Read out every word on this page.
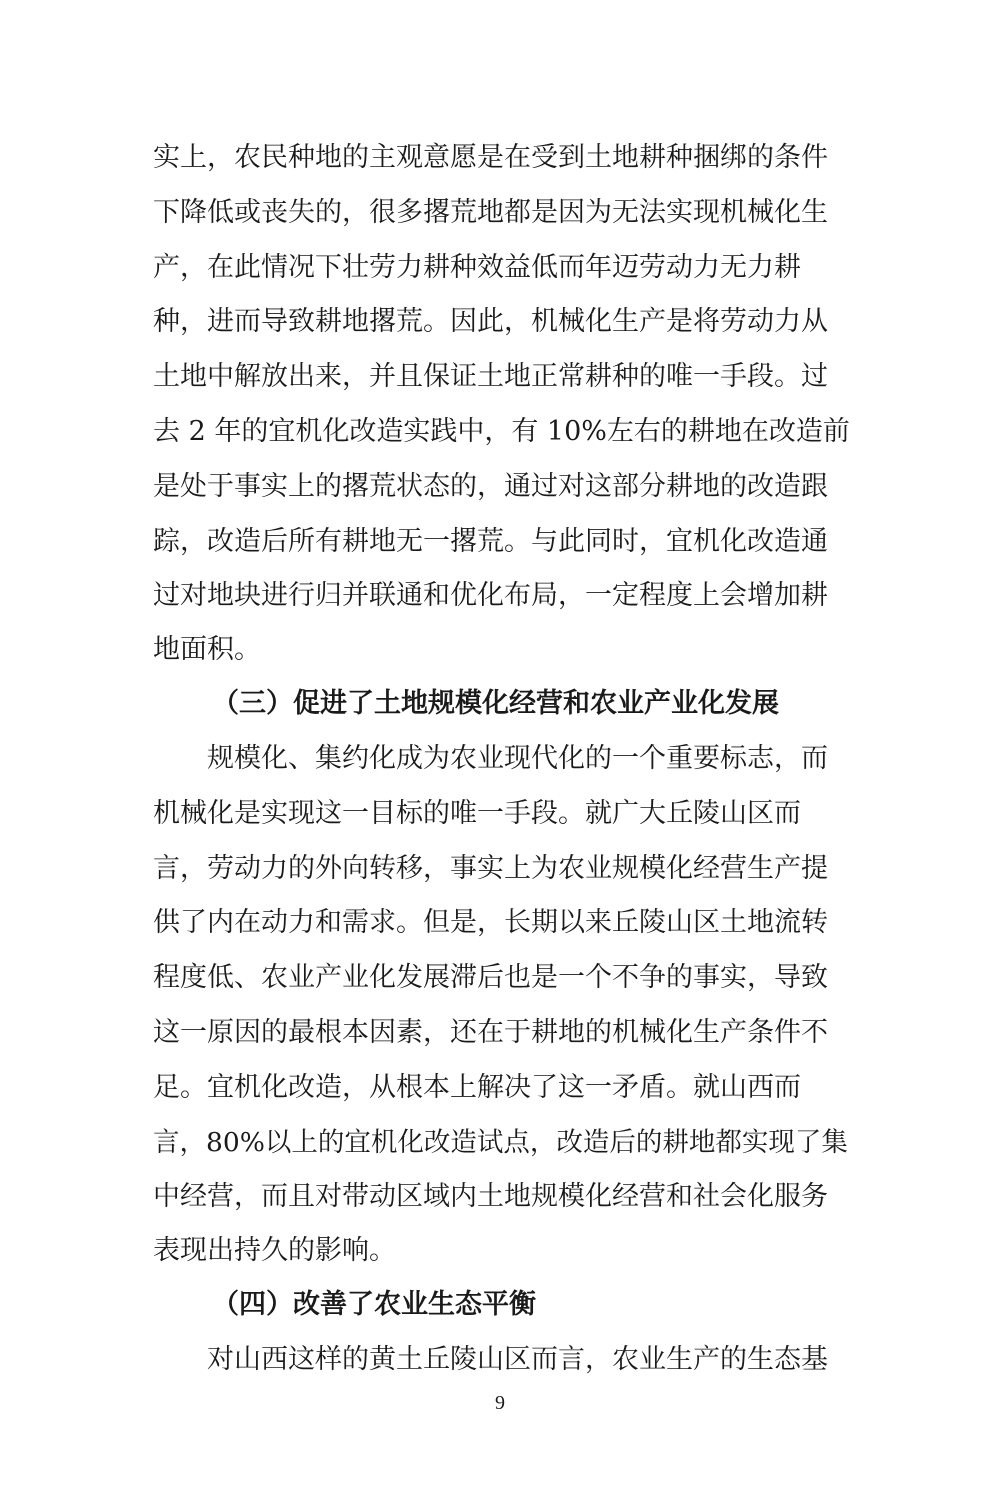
实上，农民种地的主观意愿是在受到土地耕种捆绑的条件
下降低或丧失的，很多撂荒地都是因为无法实现机械化生
产，在此情况下壮劳力耕种效益低而年迈劳动力无力耕
种，进而导致耕地撂荒。因此，机械化生产是将劳动力从
土地中解放出来，并且保证土地正常耕种的唯一手段。过
去 2 年的宜机化改造实践中，有 10%左右的耕地在改造前
是处于事实上的撂荒状态的，通过对这部分耕地的改造跟
踪，改造后所有耕地无一撂荒。与此同时，宜机化改造通
过对地块进行归并联通和优化布局，一定程度上会增加耕
地面积。
（三）促进了土地规模化经营和农业产业化发展
规模化、集约化成为农业现代化的一个重要标志，而
机械化是实现这一目标的唯一手段。就广大丘陵山区而
言，劳动力的外向转移，事实上为农业规模化经营生产提
供了内在动力和需求。但是，长期以来丘陵山区土地流转
程度低、农业产业化发展滞后也是一个不争的事实，导致
这一原因的最根本因素，还在于耕地的机械化生产条件不
足。宜机化改造，从根本上解决了这一矛盾。就山西而
言，80%以上的宜机化改造试点，改造后的耕地都实现了集
中经营，而且对带动区域内土地规模化经营和社会化服务
表现出持久的影响。
（四）改善了农业生态平衡
对山西这样的黄土丘陵山区而言，农业生产的生态基
9
